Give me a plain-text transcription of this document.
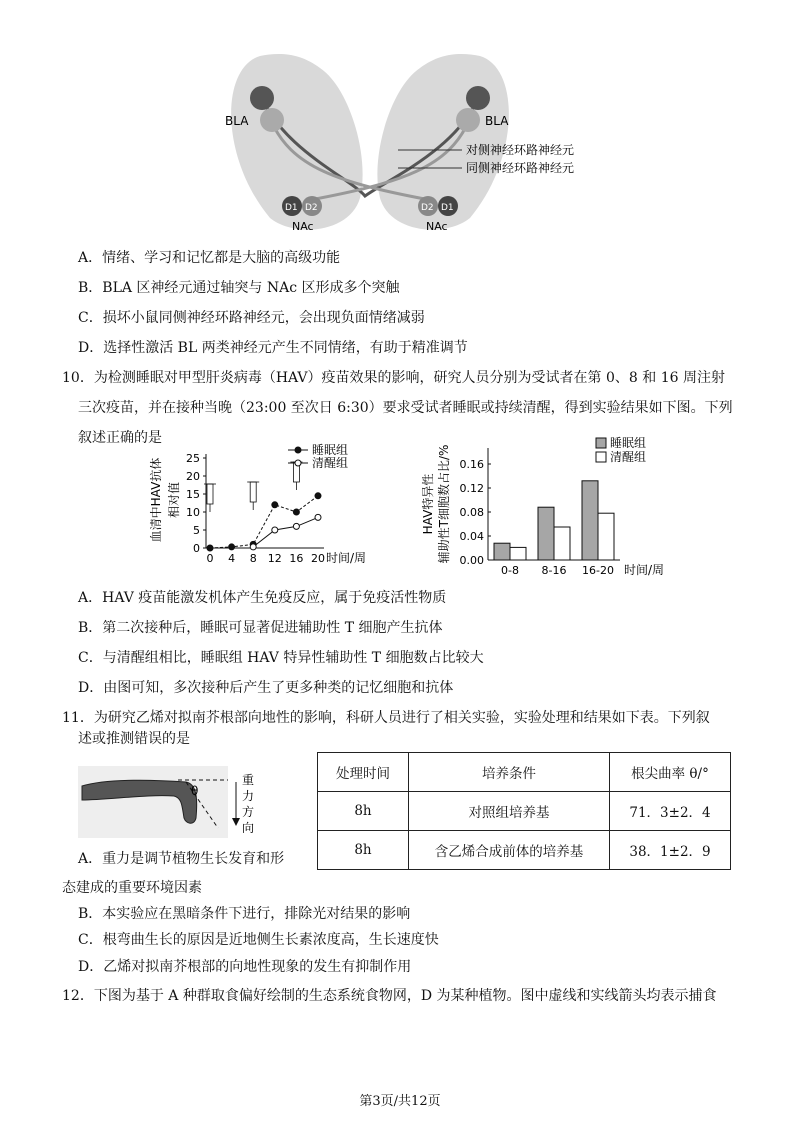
D1 D2	D2 D1
BLA	BLA
NAc	NAc
对侧神经环路神经元
同侧神经环路神经元
A．情绪、学习和记忆都是大脑的高级功能
B．BLA 区神经元通过轴突与 NAc 区形成多个突触
C．损坏小鼠同侧神经环路神经元，会出现负面情绪减弱
D．选择性激活 BL 两类神经元产生不同情绪，有助于精准调节
10．为检测睡眠对甲型肝炎病毒（HAV）疫苗效果的影响，研究人员分别为受试者在第 0、8 和 16 周注射
三次疫苗，并在接种当晚（23:00 至次日 6:30）要求受试者睡眠或持续清醒，得到实验结果如下图。下列
叙述正确的是
0
5
10
15
20
25
0 4 8 12 16 20 时间/周
血清中HAV抗体 相对值
睡眠组
清醒组
0.00
0.04
0.08
0.12
0.16
0-8 8-16 16-20 时间/周
HAV特异性 辅助性T细胞数占比/%
睡眠组
清醒组
A．HAV 疫苗能激发机体产生免疫反应，属于免疫活性物质
B．第二次接种后，睡眠可显著促进辅助性 T 细胞产生抗体
C．与清醒组相比，睡眠组 HAV 特异性辅助性 T 细胞数占比较大
D．由图可知，多次接种后产生了更多种类的记忆细胞和抗体
11．为研究乙烯对拟南芥根部向地性的影响，科研人员进行了相关实验，实验处理和结果如下表。下列叙
述或推测错误的是
θ
重
力
方
向
处理时间	培养条件	根尖曲率 θ/°
8h	对照组培养基	71．3±2．4
8h	含乙烯合成前体的培养基	38．1±2．9
A．重力是调节植物生长发育和形
态建成的重要环境因素
B．本实验应在黑暗条件下进行，排除光对结果的影响
C．根弯曲生长的原因是近地侧生长素浓度高，生长速度快
D．乙烯对拟南芥根部的向地性现象的发生有抑制作用
12．下图为基于 A 种群取食偏好绘制的生态系统食物网，D 为某种植物。图中虚线和实线箭头均表示捕食
第3页/共12页
